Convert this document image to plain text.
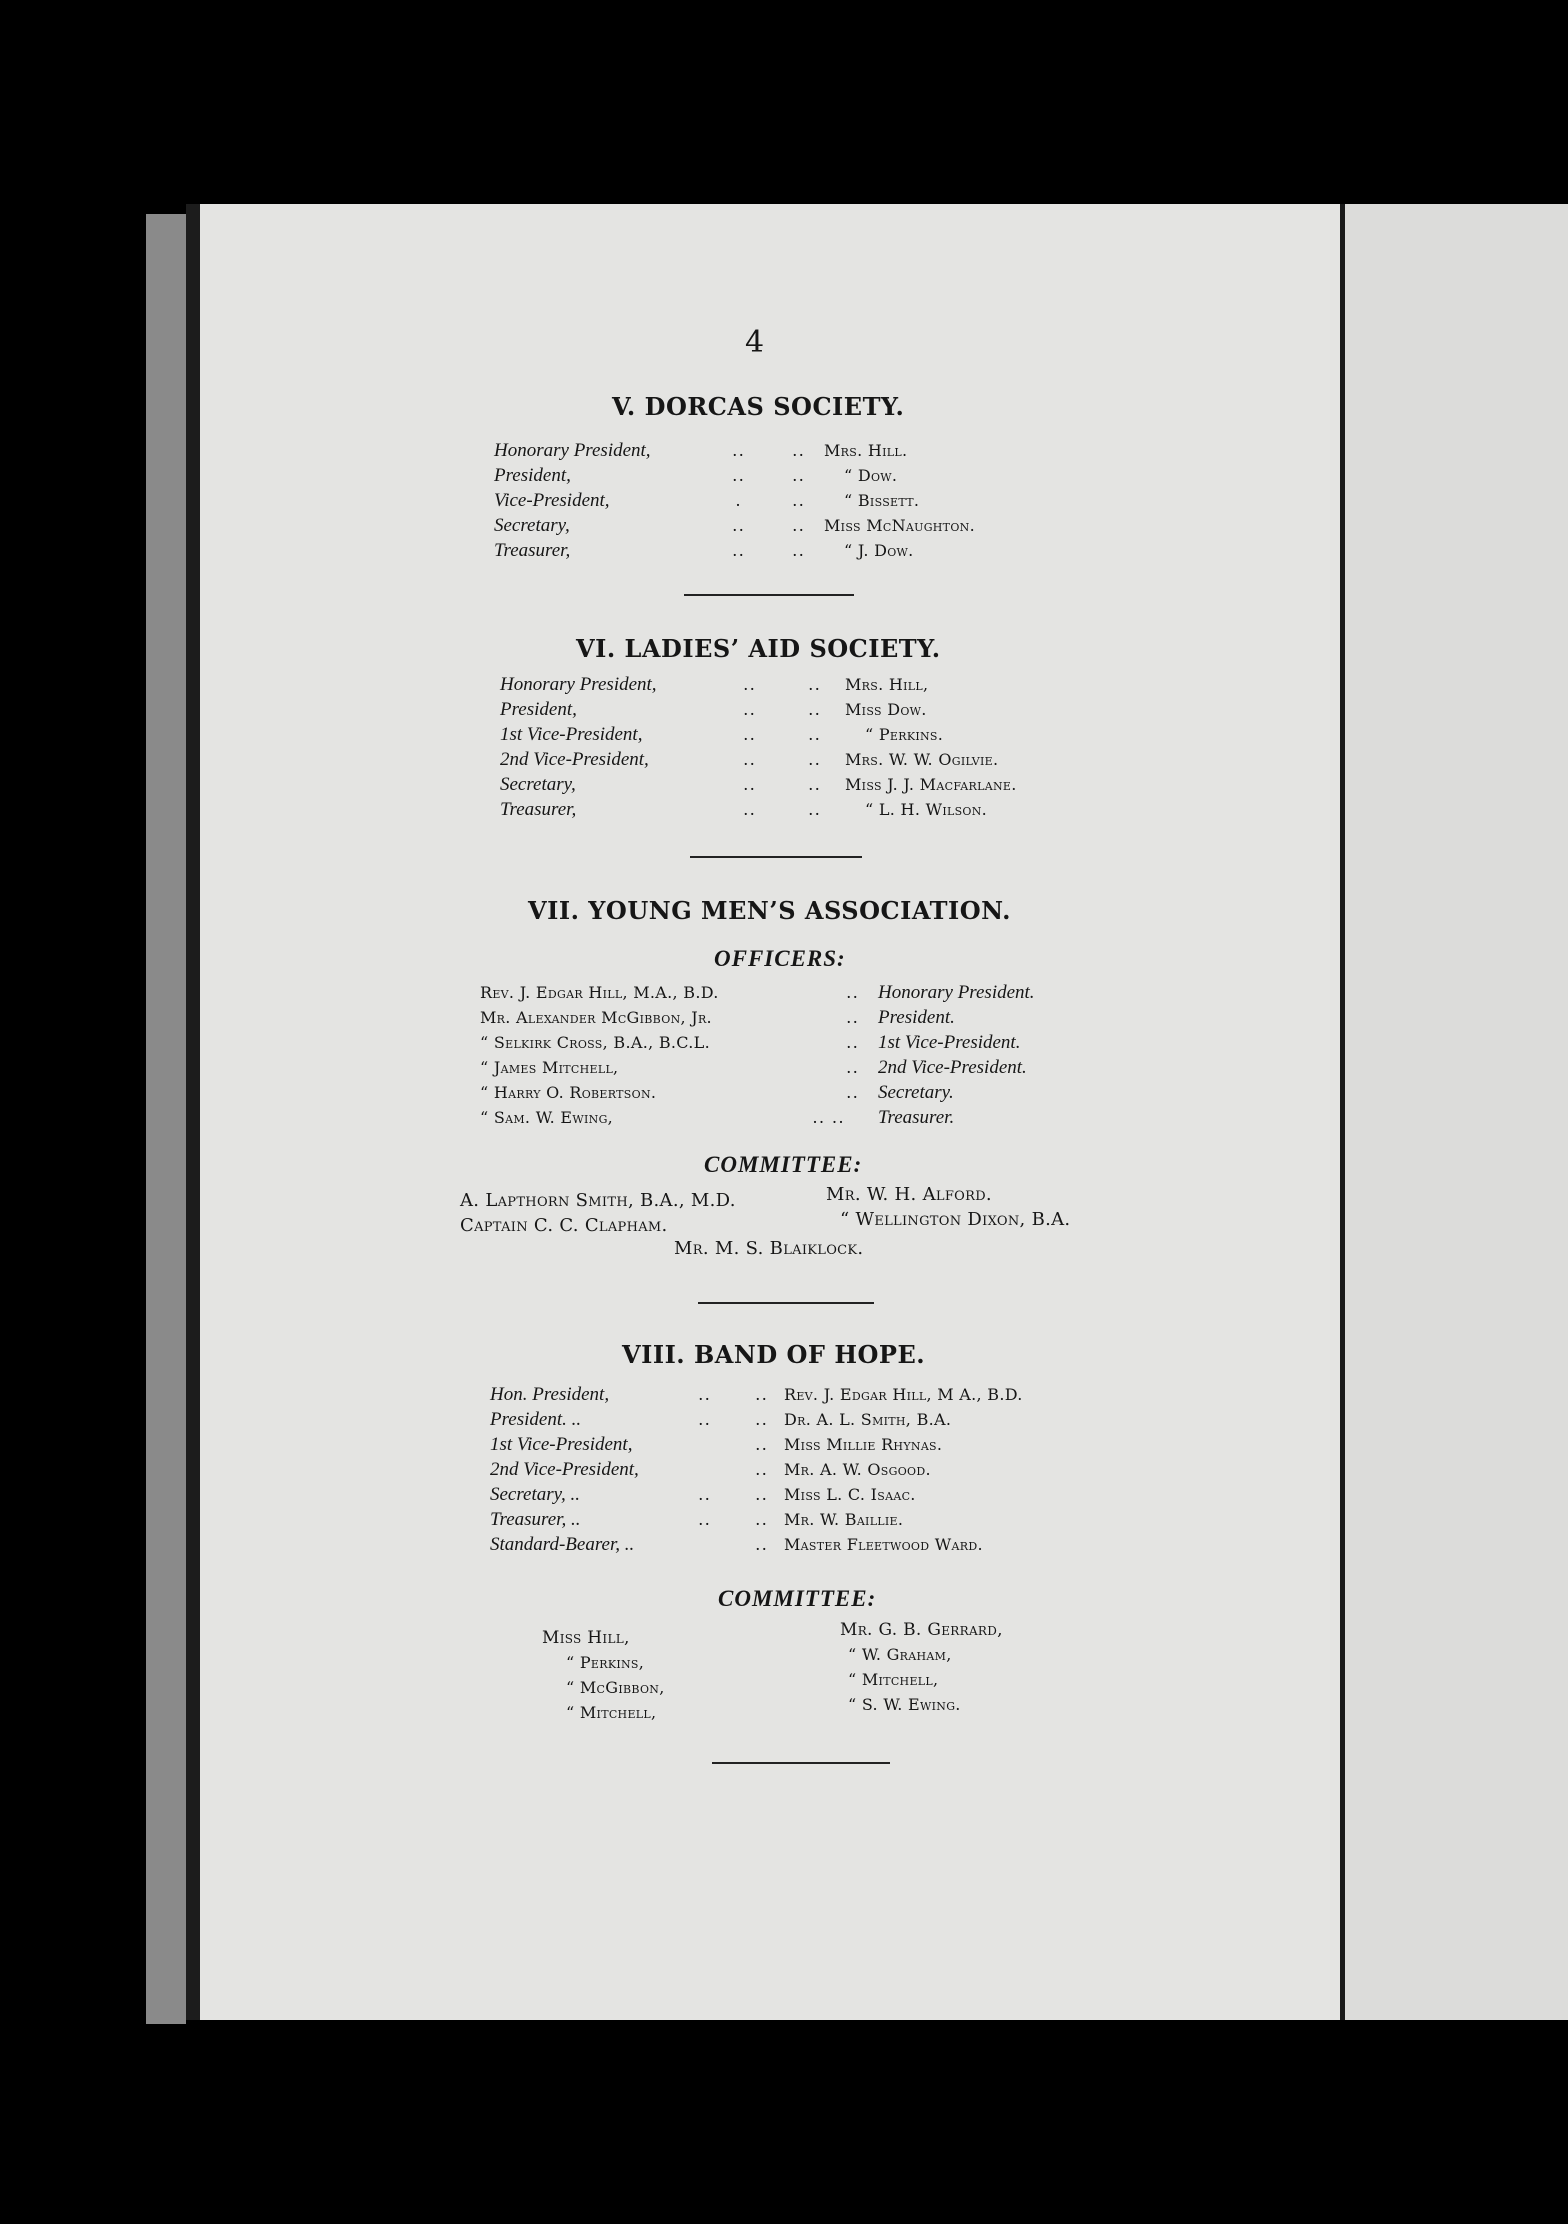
4
V. DORCAS SOCIETY.
Honorary President,	..	..	Mrs. Hill.
President,	..	..	“ Dow.
Vice-President,	.	..	“ Bissett.
Secretary,	..	..	Miss McNaughton.
Treasurer,	..	..	“ J. Dow.
VI. LADIES’ AID SOCIETY.
Honorary President,	..	..	Mrs. Hill,
President,	..	..	Miss Dow.
1st Vice-President,	..	..	“ Perkins.
2nd Vice-President,	..	..	Mrs. W. W. Ogilvie.
Secretary,	..	..	Miss J. J. Macfarlane.
Treasurer,	..	..	“ L. H. Wilson.
VII. YOUNG MEN’S ASSOCIATION.
OFFICERS:
Rev. J. Edgar Hill, M.A., B.D.	.. Honorary President.
Mr. Alexander McGibbon, Jr.	.. President.
“ Selkirk Cross, B.A., B.C.L.	.. 1st Vice-President.
“ James Mitchell,	.. 2nd Vice-President.
“ Harry O. Robertson.	.. Secretary.
“ Sam. W. Ewing,	.. ..	Treasurer.
COMMITTEE:
A. Lapthorn Smith, B.A., M.D.
Captain C. C. Clapham.
Mr. W. H. Alford.
“ Wellington Dixon, B.A.
Mr. M. S. Blaiklock.
VIII. BAND OF HOPE.
Hon. President,	..	.. Rev. J. Edgar Hill, M A., B.D.
President. ..	..	.. Dr. A. L. Smith, B.A.
1st Vice-President,	.. Miss Millie Rhynas.
2nd Vice-President,	.. Mr. A. W. Osgood.
Secretary, ..	..	.. Miss L. C. Isaac.
Treasurer, ..	..	.. Mr. W. Baillie.
Standard-Bearer, ..	.. Master Fleetwood Ward.
COMMITTEE:
Miss Hill,
“ Perkins,
“ McGibbon,
“ Mitchell,
Mr. G. B. Gerrard,
“ W. Graham,
“ Mitchell,
“ S. W. Ewing.
